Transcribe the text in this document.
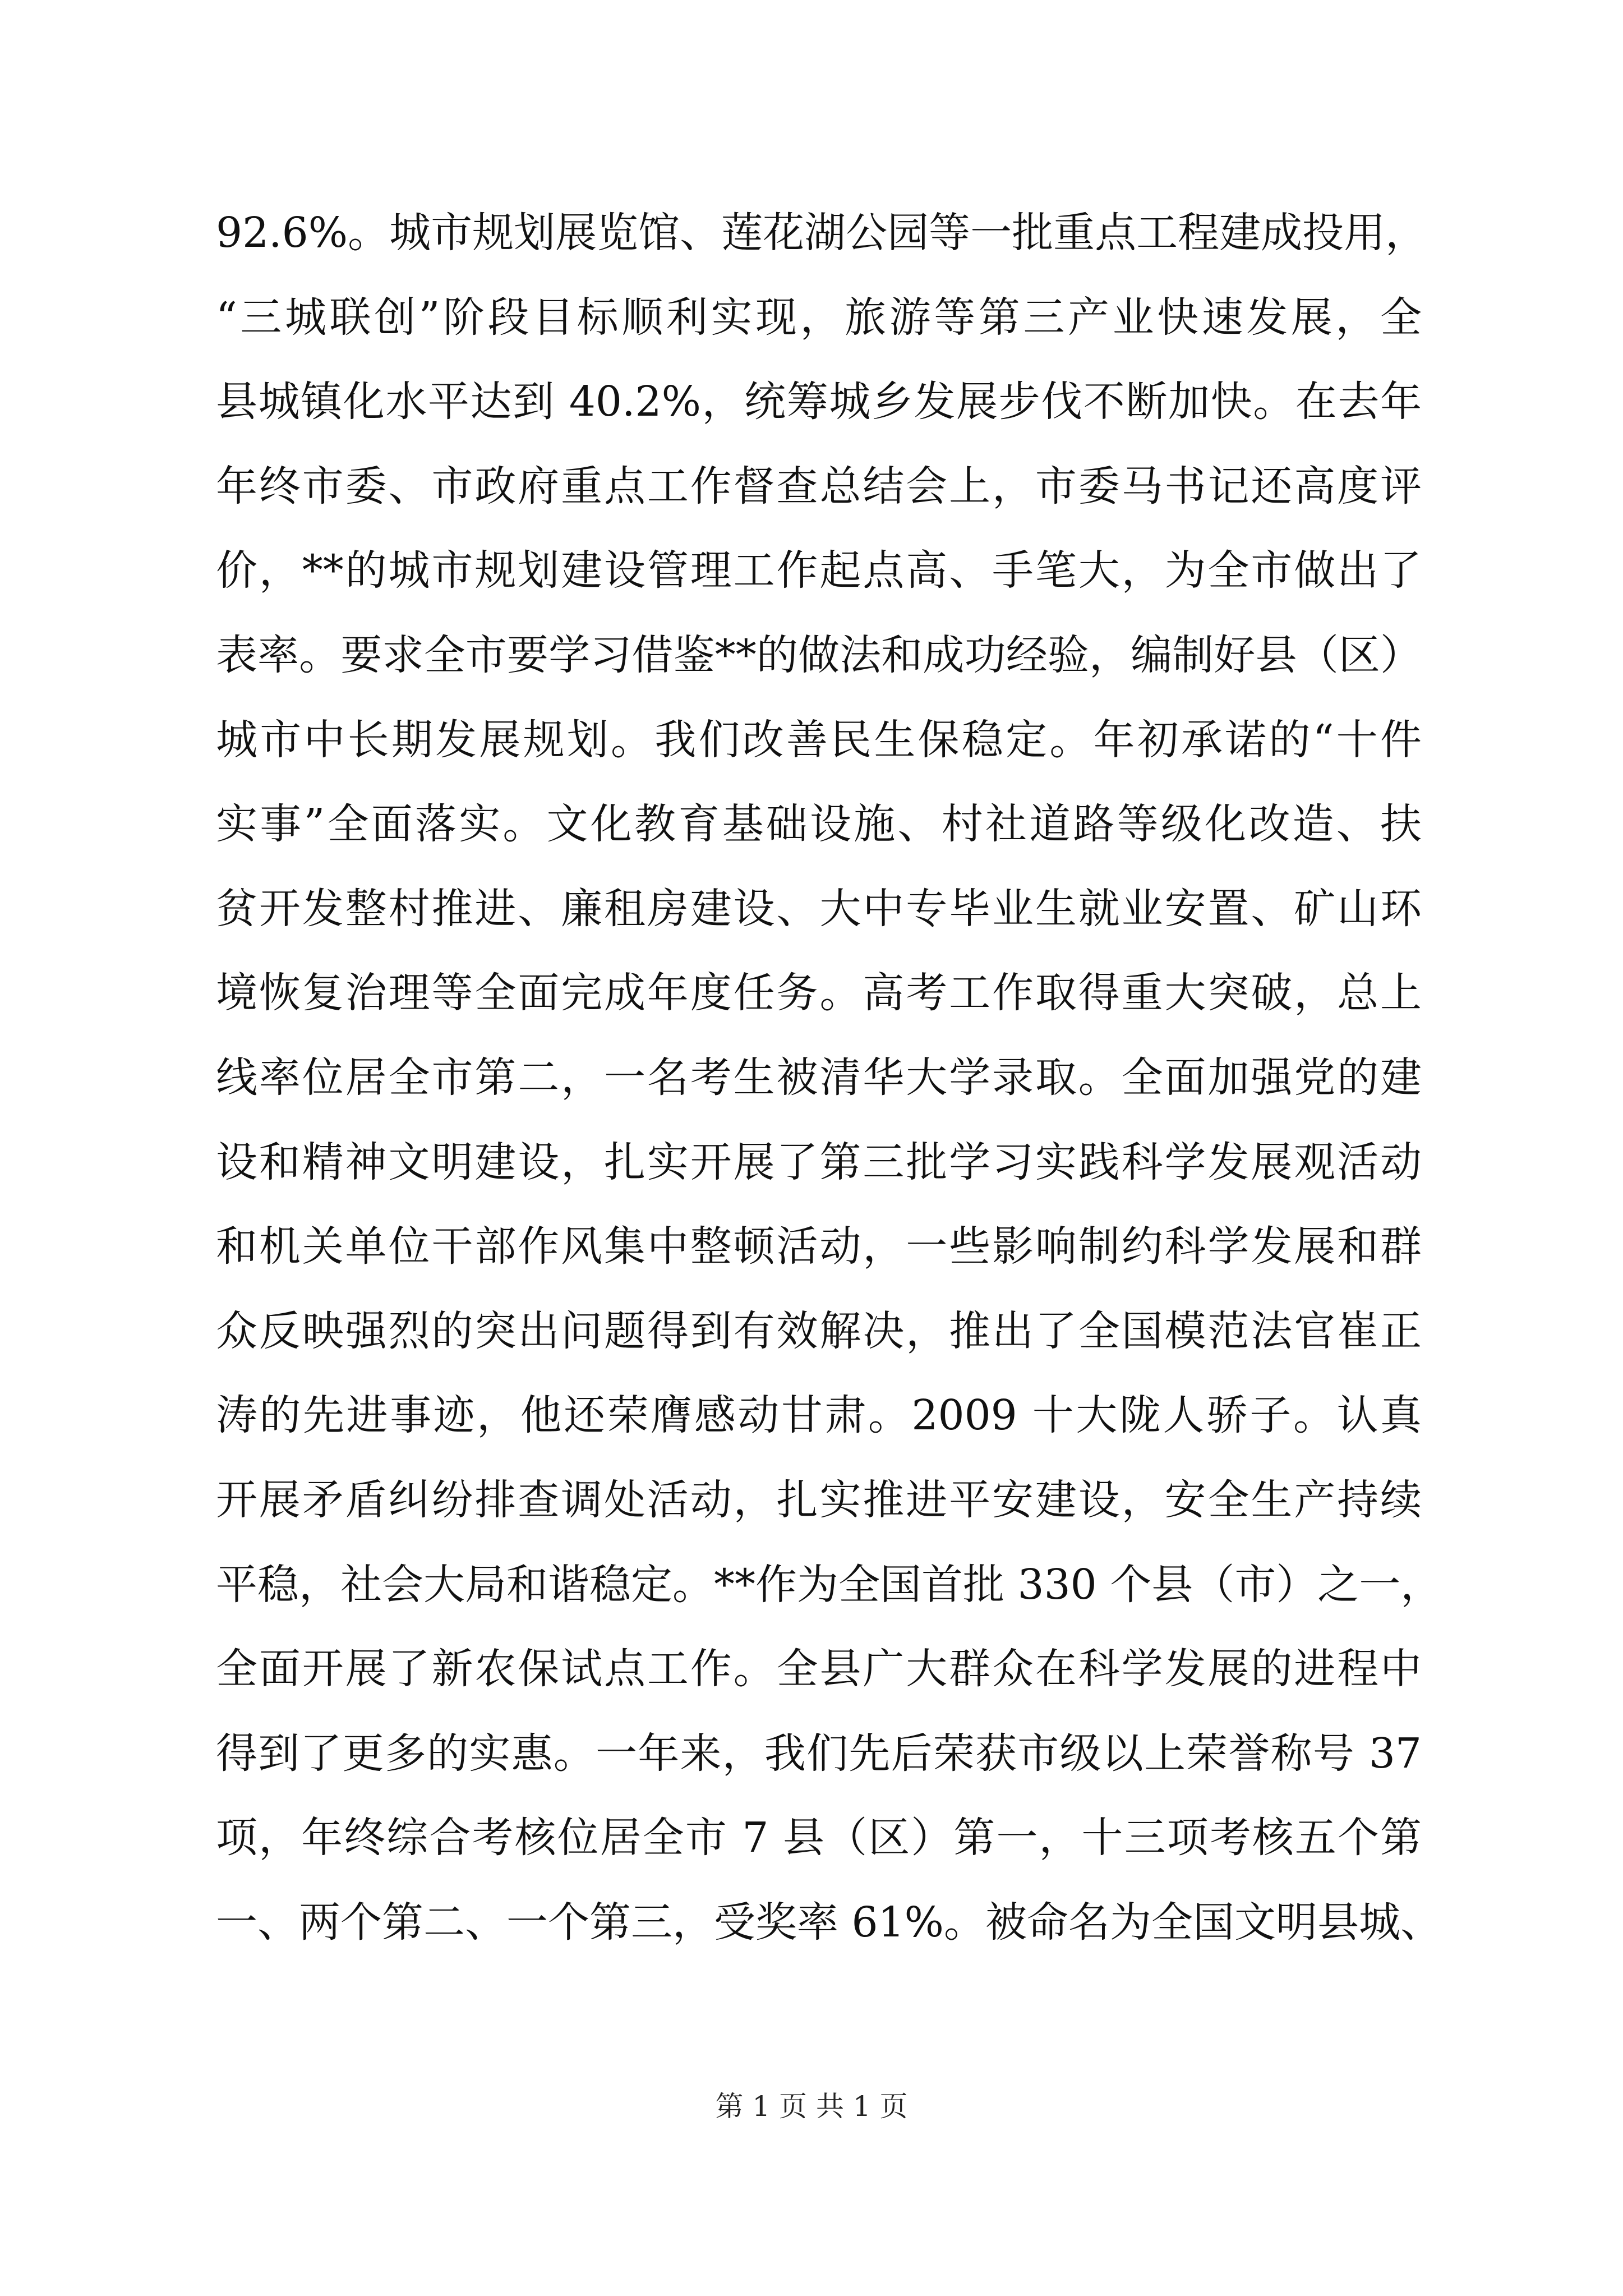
92.6%。城市规划展览馆、莲花湖公园等一批重点工程建成投用，
“三城联创”阶段目标顺利实现，旅游等第三产业快速发展，全
县城镇化水平达到 40.2%，统筹城乡发展步伐不断加快。在去年
年终市委、市政府重点工作督查总结会上，市委马书记还高度评
价，**的城市规划建设管理工作起点高、手笔大，为全市做出了
表率。要求全市要学习借鉴**的做法和成功经验，编制好县（区）
城市中长期发展规划。我们改善民生保稳定。年初承诺的“十件
实事”全面落实。文化教育基础设施、村社道路等级化改造、扶
贫开发整村推进、廉租房建设、大中专毕业生就业安置、矿山环
境恢复治理等全面完成年度任务。高考工作取得重大突破，总上
线率位居全市第二，一名考生被清华大学录取。全面加强党的建
设和精神文明建设，扎实开展了第三批学习实践科学发展观活动
和机关单位干部作风集中整顿活动，一些影响制约科学发展和群
众反映强烈的突出问题得到有效解决，推出了全国模范法官崔正
涛的先进事迹，他还荣膺感动甘肃。2009 十大陇人骄子。认真
开展矛盾纠纷排查调处活动，扎实推进平安建设，安全生产持续
平稳，社会大局和谐稳定。**作为全国首批 330 个县（市）之一，
全面开展了新农保试点工作。全县广大群众在科学发展的进程中
得到了更多的实惠。一年来，我们先后荣获市级以上荣誉称号 37
项，年终综合考核位居全市 7 县（区）第一，十三项考核五个第
一、两个第二、一个第三，受奖率 61%。被命名为全国文明县城、
第 1 页 共 1 页
